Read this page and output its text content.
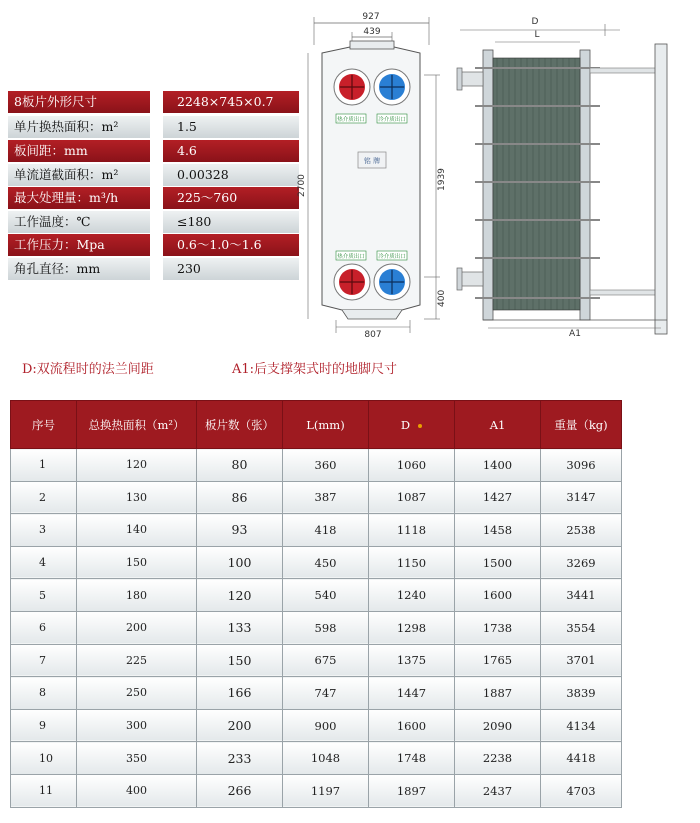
8板片外形尺寸	2248×745×0.7
单片换热面积：m²	1.5
板间距：mm	4.6
单流道截面积：m²	0.00328
最大处理量：m³/h	225～760
工作温度：℃	≤180
工作压力：Mpa	0.6～1.0～1.6
角孔直径：mm	230
927
439
2700	1939
400
807
热介质出口 冷介质出口
铭 牌
热介质出口 冷介质出口
D
L
A1
D:双流程时的法兰间距	A1:后支撑架式时的地脚尺寸
序号	总换热面积（m²）	板片数（张）	L(mm)	D	A1	重量（kg)
1	120	80	360	1060	1400	3096
2	130	86	387	1087	1427	3147
3	140	93	418	1118	1458	2538
4	150	100	450	1150	1500	3269
5	180	120	540	1240	1600	3441
6	200	133	598	1298	1738	3554
7	225	150	675	1375	1765	3701
8	250	166	747	1447	1887	3839
9	300	200	900	1600	2090	4134
10	350	233	1048	1748	2238	4418
11	400	266	1197	1897	2437	4703
